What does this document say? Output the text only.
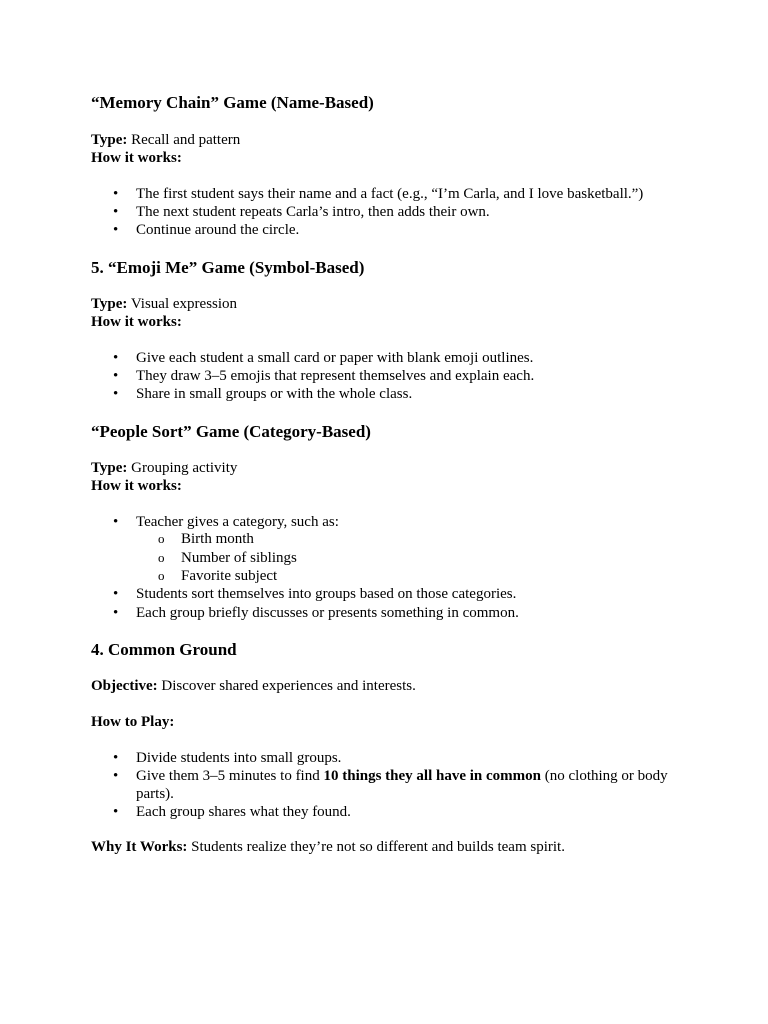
“Memory Chain” Game (Name-Based)
Type: Recall and pattern
How it works:
• The first student says their name and a fact (e.g., “I’m Carla, and I love basketball.”)
• The next student repeats Carla’s intro, then adds their own.
• Continue around the circle.
5. “Emoji Me” Game (Symbol-Based)
Type: Visual expression
How it works:
• Give each student a small card or paper with blank emoji outlines.
• They draw 3–5 emojis that represent themselves and explain each.
• Share in small groups or with the whole class.
“People Sort” Game (Category-Based)
Type: Grouping activity
How it works:
• Teacher gives a category, such as:
o Birth month
o Number of siblings
o Favorite subject
• Students sort themselves into groups based on those categories.
• Each group briefly discusses or presents something in common.
4. Common Ground
Objective: Discover shared experiences and interests.
How to Play:
• Divide students into small groups.
• Give them 3–5 minutes to find 10 things they all have in common (no clothing or body
parts).
• Each group shares what they found.
Why It Works: Students realize they’re not so different and builds team spirit.
